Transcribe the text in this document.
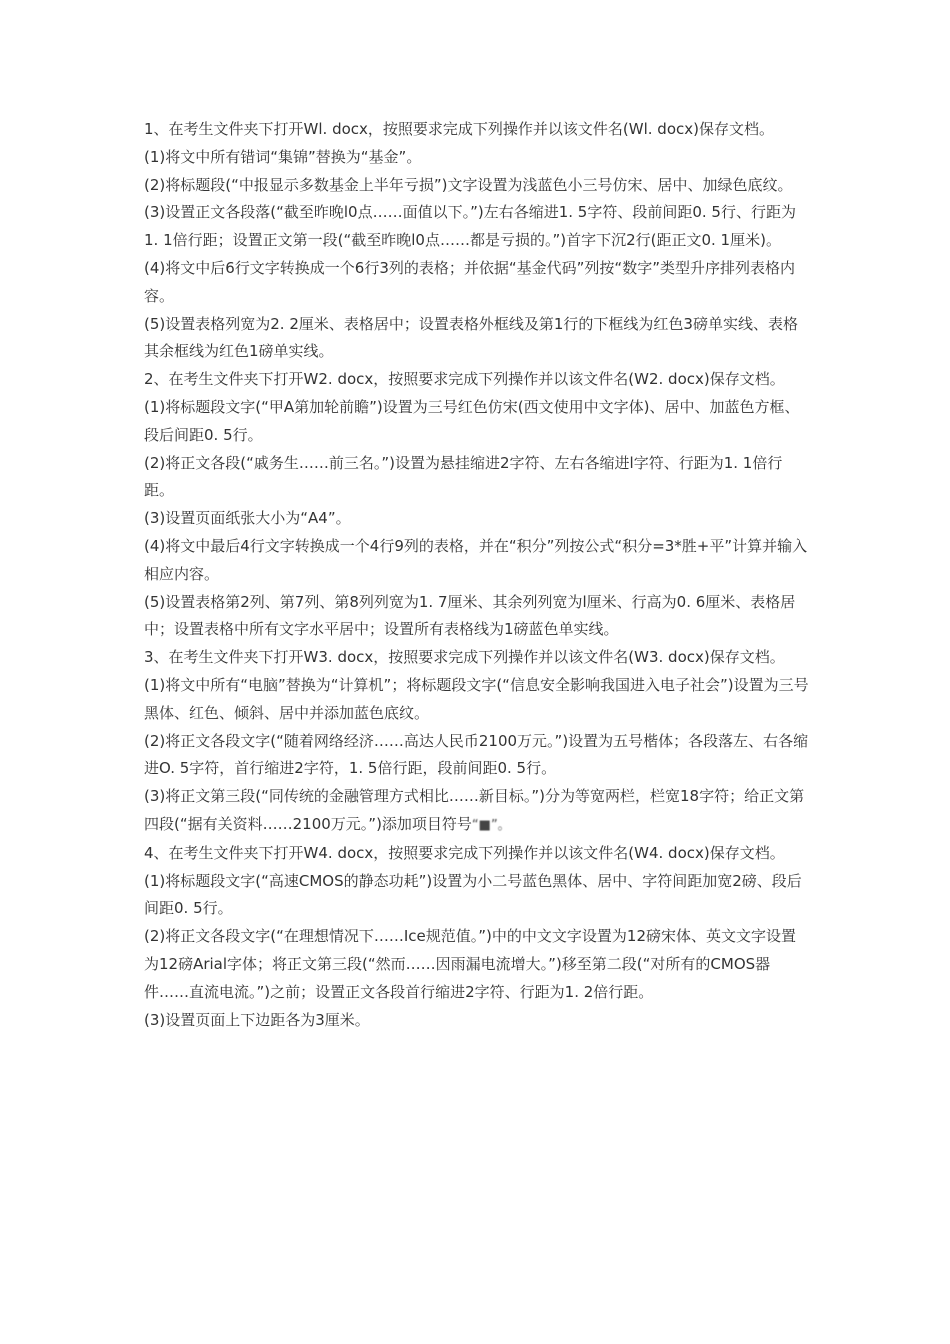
1、在考生文件夹下打开Wl. docx，按照要求完成下列操作并以该文件名(Wl. docx)保存文档。

(1)将文中所有错词“集锦”替换为“基金”。

(2)将标题段(“中报显示多数基金上半年亏损”)文字设置为浅蓝色小三号仿宋、居中、加绿色底纹。

(3)设置正文各段落(“截至昨晚l0点……面值以下。”)左右各缩进1. 5字符、段前间距0. 5行、行距为1. 1倍行距；设置正文第一段(“截至昨晚l0点……都是亏损的。”)首字下沉2行(距正文0. 1厘米)。

(4)将文中后6行文字转换成一个6行3列的表格；并依据“基金代码”列按“数字”类型升序排列表格内容。

(5)设置表格列宽为2. 2厘米、表格居中；设置表格外框线及第1行的下框线为红色3磅单实线、表格其余框线为红色1磅单实线。

2、在考生文件夹下打开W2. docx，按照要求完成下列操作并以该文件名(W2. docx)保存文档。

(1)将标题段文字(“甲A第加轮前瞻”)设置为三号红色仿宋(西文使用中文字体)、居中、加蓝色方框、段后间距0. 5行。

(2)将正文各段(“戚务生……前三名。”)设置为悬挂缩进2字符、左右各缩进l字符、行距为1. 1倍行距。

(3)设置页面纸张大小为“A4”。

(4)将文中最后4行文字转换成一个4行9列的表格，并在“积分”列按公式“积分=3*胜+平”计算并输入相应内容。

(5)设置表格第2列、第7列、第8列列宽为1. 7厘米、其余列列宽为l厘米、行高为0. 6厘米、表格居中；设置表格中所有文字水平居中；设置所有表格线为1磅蓝色单实线。

3、在考生文件夹下打开W3. docx，按照要求完成下列操作并以该文件名(W3. docx)保存文档。

(1)将文中所有“电脑”替换为“计算机”；将标题段文字(“信息安全影响我国进入电子社会”)设置为三号黑体、红色、倾斜、居中并添加蓝色底纹。

(2)将正文各段文字(“随着网络经济……高达人民币2100万元。”)设置为五号楷体；各段落左、右各缩进O. 5字符，首行缩进2字符，1. 5倍行距，段前间距0. 5行。

(3)将正文第三段(“同传统的金融管理方式相比……新目标。”)分为等宽两栏，栏宽18字符；给正文第四段(“据有关资料……2100万元。”)添加项目符号“■”。

4、在考生文件夹下打开W4. docx，按照要求完成下列操作并以该文件名(W4. docx)保存文档。

(1)将标题段文字(“高速CMOS的静态功耗”)设置为小二号蓝色黑体、居中、字符间距加宽2磅、段后间距0. 5行。

(2)将正文各段文字(“在理想情况下……Ice规范值。”)中的中文文字设置为12磅宋体、英文文字设置为12磅Arial字体；将正文第三段(“然而……因雨漏电流增大。”)移至第二段(“对所有的CMOS器件……直流电流。”)之前；设置正文各段首行缩进2字符、行距为1. 2倍行距。

(3)设置页面上下边距各为3厘米。
